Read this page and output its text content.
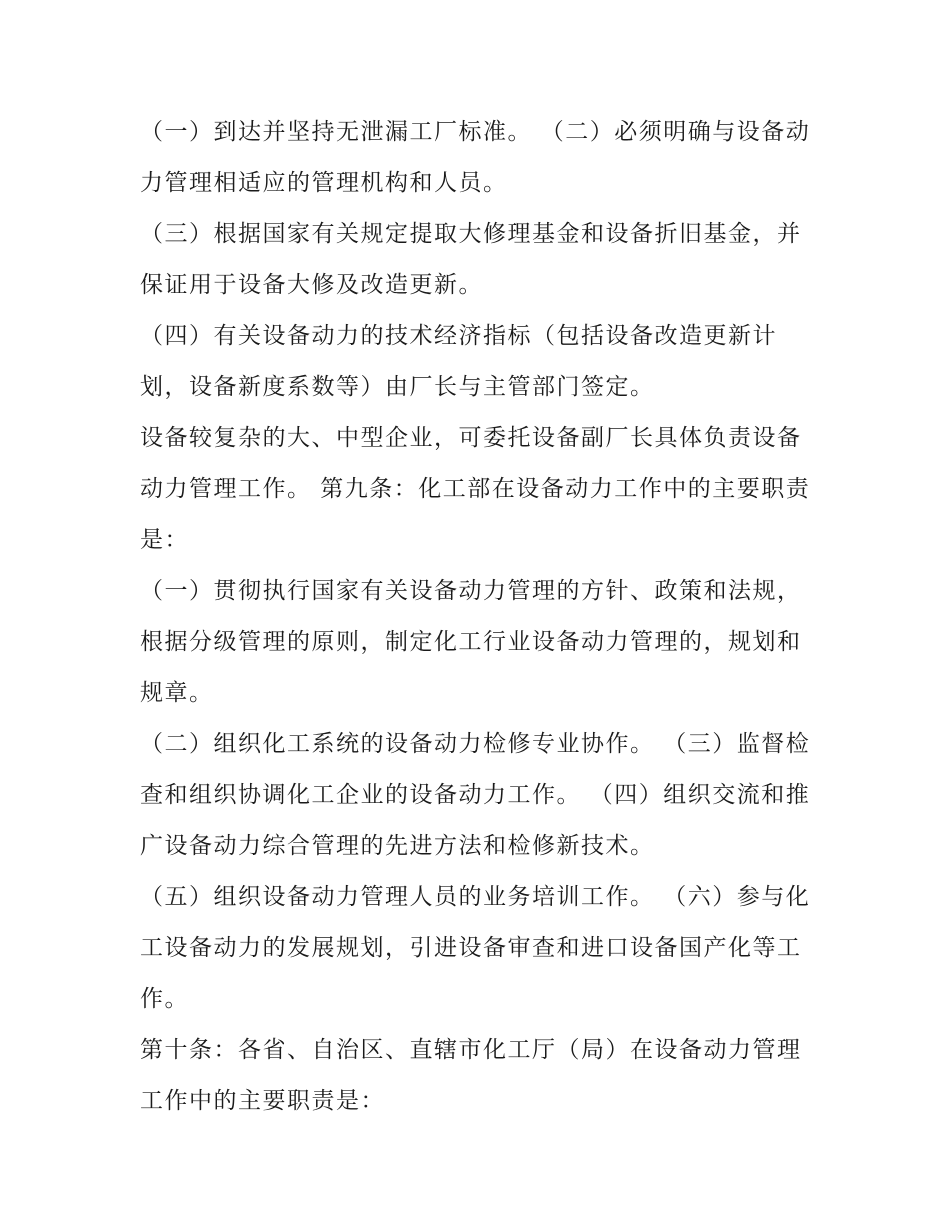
（一）到达并坚持无泄漏工厂标准。 （二）必须明确与设备动力管理相适应的管理机构和人员。

（三）根据国家有关规定提取大修理基金和设备折旧基金，并保证用于设备大修及改造更新。

（四）有关设备动力的技术经济指标（包括设备改造更新计划，设备新度系数等）由厂长与主管部门签定。

设备较复杂的大、中型企业，可委托设备副厂长具体负责设备动力管理工作。 第九条：化工部在设备动力工作中的主要职责是：

（一）贯彻执行国家有关设备动力管理的方针、政策和法规，根据分级管理的原则，制定化工行业设备动力管理的，规划和规章。

（二）组织化工系统的设备动力检修专业协作。 （三）监督检查和组织协调化工企业的设备动力工作。 （四）组织交流和推广设备动力综合管理的先进方法和检修新技术。

（五）组织设备动力管理人员的业务培训工作。 （六）参与化工设备动力的发展规划，引进设备审查和进口设备国产化等工作。

第十条：各省、自治区、直辖市化工厅（局）在设备动力管理工作中的主要职责是：
